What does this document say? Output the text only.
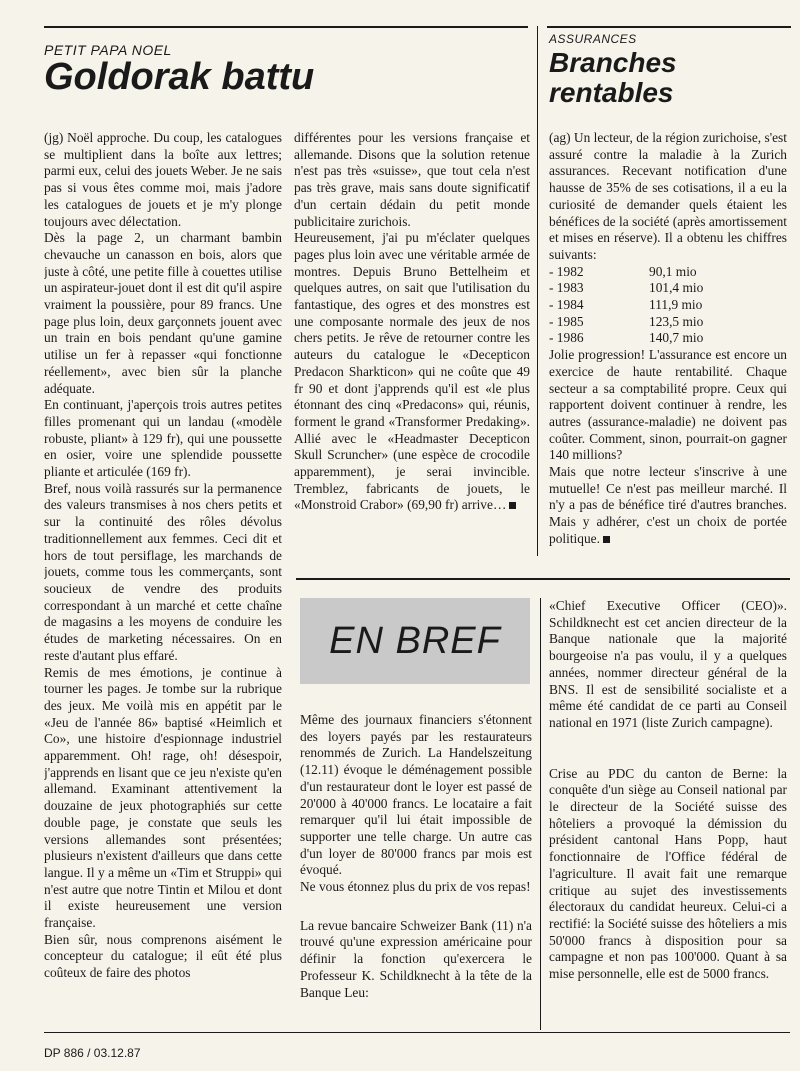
PETIT PAPA NOEL
Goldorak battu
ASSURANCES
Branches
rentables

(jg) Noël approche. Du coup, les catalogues se multiplient dans la boîte aux lettres; parmi eux, celui des jouets Weber. Je ne sais pas si vous êtes comme moi, mais j'adore les catalogues de jouets et je m'y plonge toujours avec délectation.

Dès la page 2, un charmant bambin chevauche un canasson en bois, alors que juste à côté, une petite fille à couettes utilise un aspirateur-jouet dont il est dit qu'il aspire vraiment la poussière, pour 89 francs. Une page plus loin, deux garçonnets jouent avec un train en bois pendant qu'une gamine utilise un fer à repasser «qui fonctionne réellement», avec bien sûr la planche adéquate.

En continuant, j'aperçois trois autres petites filles promenant qui un landau («modèle robuste, pliant» à 129 fr), qui une poussette en osier, voire une splendide poussette pliante et articulée (169 fr).

Bref, nous voilà rassurés sur la permanence des valeurs transmises à nos chers petits et sur la continuité des rôles dévolus traditionnellement aux femmes. Ceci dit et hors de tout persiflage, les marchands de jouets, comme tous les commerçants, sont soucieux de vendre des produits correspondant à un marché et cette chaîne de magasins a les moyens de conduire les études de marketing nécessaires. On en reste d'autant plus effaré.

Remis de mes émotions, je continue à tourner les pages. Je tombe sur la rubrique des jeux. Me voilà mis en appétit par le «Jeu de l'année 86» baptisé «Heimlich et Co», une histoire d'espionnage industriel apparemment. Oh! rage, oh! désespoir, j'apprends en lisant que ce jeu n'existe qu'en allemand. Examinant attentivement la douzaine de jeux photographiés sur cette double page, je constate que seuls les versions allemandes sont présentées; plusieurs n'existent d'ailleurs que dans cette langue. Il y a même un «Tim et Struppi» qui n'est autre que notre Tintin et Milou et dont il existe heureusement une version française.

Bien sûr, nous comprenons aisément le concepteur du catalogue; il eût été plus coûteux de faire des photos

différentes pour les versions française et allemande. Disons que la solution retenue n'est pas très «suisse», que tout cela n'est pas très grave, mais sans doute significatif d'un certain dédain du petit monde publicitaire zurichois.

Heureusement, j'ai pu m'éclater quelques pages plus loin avec une véritable armée de montres. Depuis Bruno Bettelheim et quelques autres, on sait que l'utilisation du fantastique, des ogres et des monstres est une composante normale des jeux de nos chers petits. Je rêve de retourner contre les auteurs du catalogue le «Decepticon Predacon Sharkticon» qui ne coûte que 49 fr 90 et dont j'apprends qu'il est «le plus étonnant des cinq «Predacons» qui, réunis, forment le grand «Transformer Predaking». Allié avec le «Headmaster Decepticon Skull Scruncher» (une espèce de crocodile apparemment), je serai invincible. Tremblez, fabricants de jouets, le «Monstroid Crabor» (69,90 fr) arrive…

(ag) Un lecteur, de la région zurichoise, s'est assuré contre la maladie à la Zurich assurances. Recevant notification d'une hausse de 35% de ses cotisations, il a eu la curiosité de demander quels étaient les bénéfices de la société (après amortissement et mises en réserve). Il a obtenu les chiffres suivants:

- 1982	90,1 mio
- 1983	101,4 mio
- 1984	111,9 mio
- 1985	123,5 mio
- 1986	140,7 mio

Jolie progression! L'assurance est encore un exercice de haute rentabilité. Chaque secteur a sa comptabilité propre. Ceux qui rapportent doivent continuer à rendre, les autres (assurance-maladie) ne doivent pas coûter. Comment, sinon, pourrait-on gagner 140 millions?

Mais que notre lecteur s'inscrive à une mutuelle! Ce n'est pas meilleur marché. Il n'y a pas de bénéfice tiré d'autres branches. Mais y adhérer, c'est un choix de portée politique.

EN BREF

Même des journaux financiers s'étonnent des loyers payés par les restaurateurs renommés de Zurich. La Handelszeitung (12.11) évoque le déménagement possible d'un restaurateur dont le loyer est passé de 20'000 à 40'000 francs. Le locataire a fait remarquer qu'il lui était impossible de supporter une telle charge. Un autre cas d'un loyer de 80'000 francs par mois est évoqué.

Ne vous étonnez plus du prix de vos repas!

La revue bancaire Schweizer Bank (11) n'a trouvé qu'une expression américaine pour définir la fonction qu'exercera le Professeur K. Schildknecht à la tête de la Banque Leu:

«Chief Executive Officer (CEO)». Schildknecht est cet ancien directeur de la Banque nationale que la majorité bourgeoise n'a pas voulu, il y a quelques années, nommer directeur général de la BNS. Il est de sensibilité socialiste et a même été candidat de ce parti au Conseil national en 1971 (liste Zurich campagne).

Crise au PDC du canton de Berne: la conquête d'un siège au Conseil national par le directeur de la Société suisse des hôteliers a provoqué la démission du président cantonal Hans Popp, haut fonctionnaire de l'Office fédéral de l'agriculture. Il avait fait une remarque critique au sujet des investissements électoraux du candidat heureux. Celui-ci a rectifié: la Société suisse des hôteliers a mis 50'000 francs à disposition pour sa campagne et non pas 100'000. Quant à sa mise personnelle, elle est de 5000 francs.

DP 886 / 03.12.87
